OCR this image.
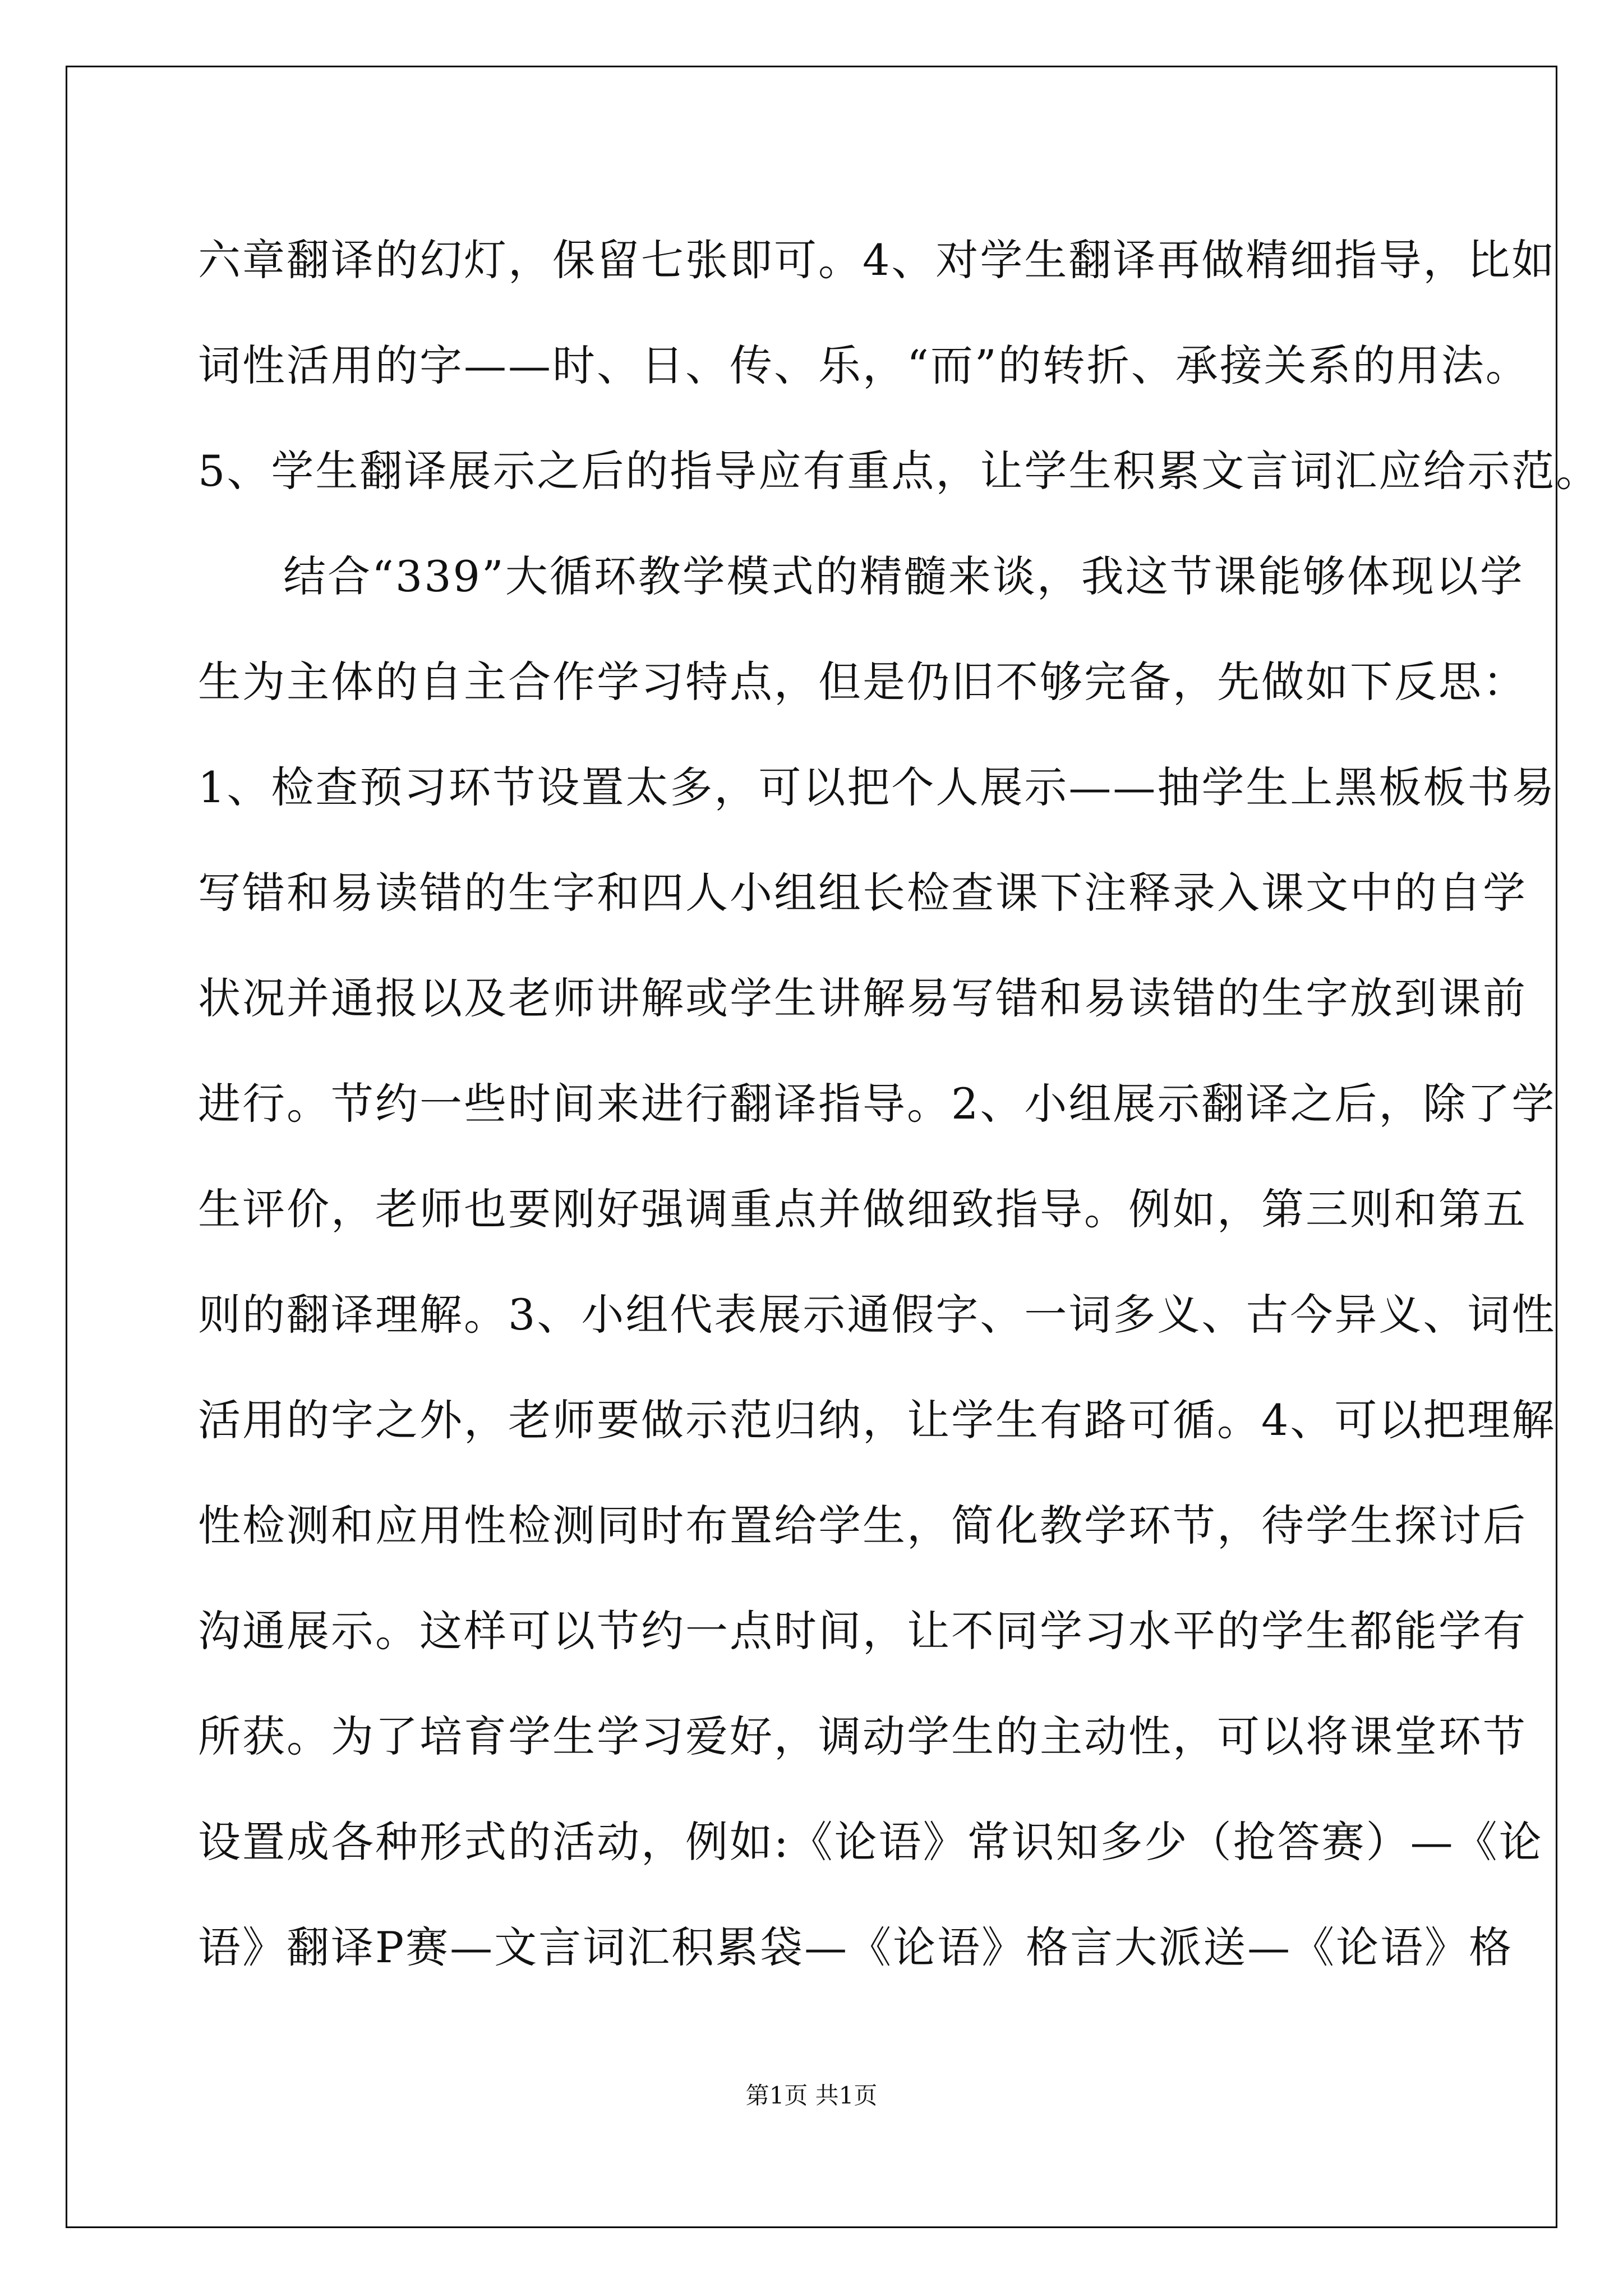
六章翻译的幻灯，保留七张即可。4、对学生翻译再做精细指导，比如
词性活用的字——时、日、传、乐，“而”的转折、承接关系的用法。
5、学生翻译展示之后的指导应有重点，让学生积累文言词汇应给示范。
结合“339”大循环教学模式的精髓来谈，我这节课能够体现以学
生为主体的自主合作学习特点，但是仍旧不够完备，先做如下反思：
1、检查预习环节设置太多，可以把个人展示——抽学生上黑板板书易
写错和易读错的生字和四人小组组长检查课下注释录入课文中的自学
状况并通报以及老师讲解或学生讲解易写错和易读错的生字放到课前
进行。节约一些时间来进行翻译指导。2、小组展示翻译之后，除了学
生评价，老师也要刚好强调重点并做细致指导。例如，第三则和第五
则的翻译理解。3、小组代表展示通假字、一词多义、古今异义、词性
活用的字之外，老师要做示范归纳，让学生有路可循。4、可以把理解
性检测和应用性检测同时布置给学生，简化教学环节，待学生探讨后
沟通展示。这样可以节约一点时间，让不同学习水平的学生都能学有
所获。为了培育学生学习爱好，调动学生的主动性，可以将课堂环节
设置成各种形式的活动，例如:《论语》常识知多少（抢答赛）—《论
语》翻译P赛—文言词汇积累袋—《论语》格言大派送—《论语》格
第1页 共1页
